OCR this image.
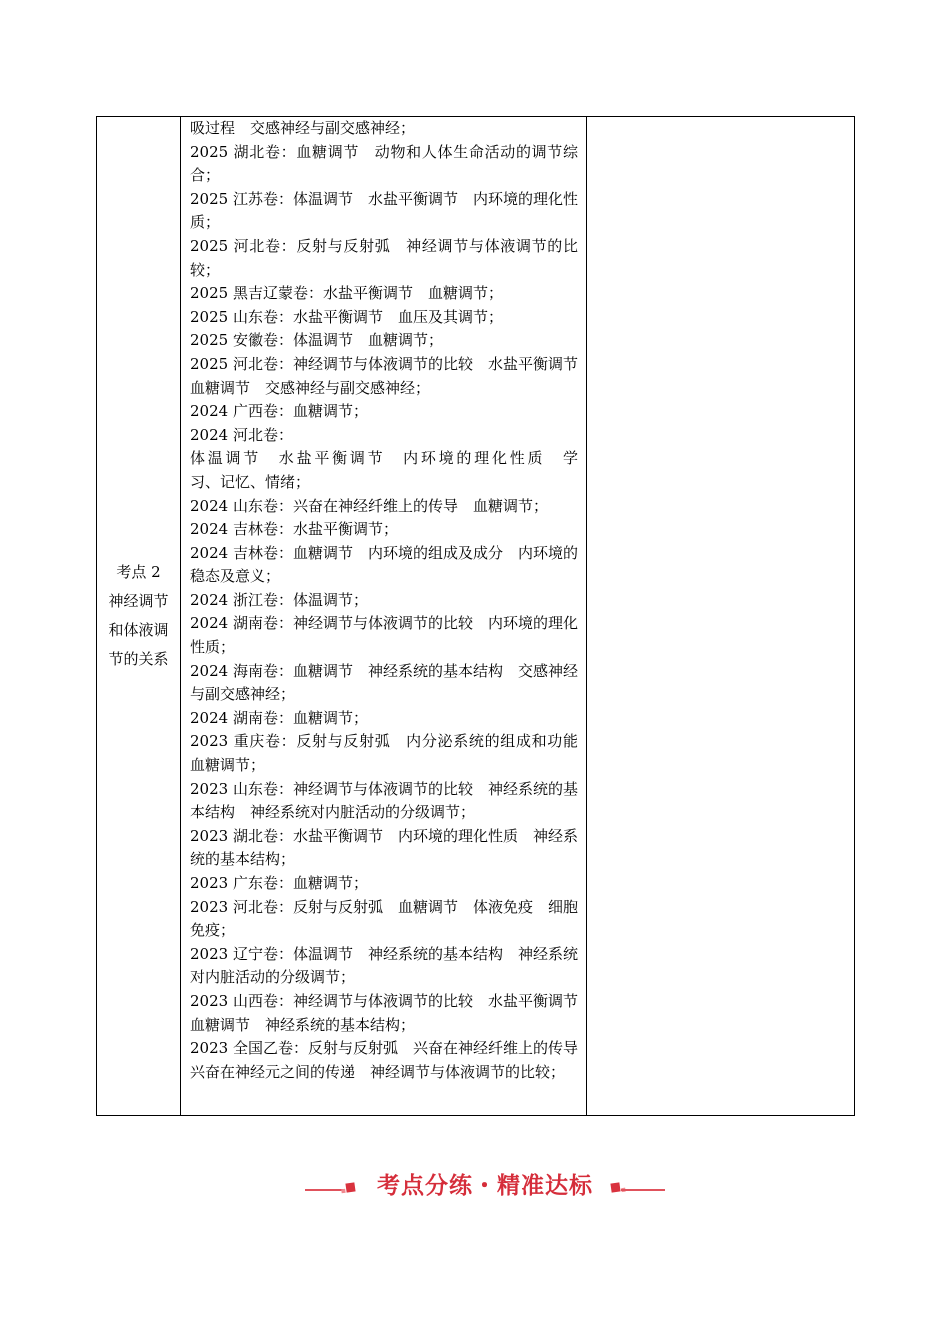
考点 2
神经调节
和体液调
节的关系

吸过程　交感神经与副交感神经；
2025 湖北卷：血糖调节　动物和人体生命活动的调节综合；
2025 江苏卷：体温调节　水盐平衡调节　内环境的理化性质；
2025 河北卷：反射与反射弧　神经调节与体液调节的比较；
2025 黑吉辽蒙卷：水盐平衡调节　血糖调节；
2025 山东卷：水盐平衡调节　血压及其调节；
2025 安徽卷：体温调节　血糖调节；
2025 河北卷：神经调节与体液调节的比较　水盐平衡调节　血糖调节　交感神经与副交感神经；
2024 广西卷：血糖调节；
2024 河北卷：
体温调节　水盐平衡调节　内环境的理化性质　学　　习、记忆、情绪；
2024 山东卷：兴奋在神经纤维上的传导　血糖调节；
2024 吉林卷：水盐平衡调节；
2024 吉林卷：血糖调节　内环境的组成及成分　内环境的稳态及意义；
2024 浙江卷：体温调节；
2024 湖南卷：神经调节与体液调节的比较　内环境的理化性质；
2024 海南卷：血糖调节　神经系统的基本结构　交感神经与副交感神经；
2024 湖南卷：血糖调节；
2023 重庆卷：反射与反射弧　内分泌系统的组成和功能　血糖调节；
2023 山东卷：神经调节与体液调节的比较　神经系统的基本结构　神经系统对内脏活动的分级调节；
2023 湖北卷：水盐平衡调节　内环境的理化性质　神经系统的基本结构；
2023 广东卷：血糖调节；
2023 河北卷：反射与反射弧　血糖调节　体液免疫　细胞免疫；
2023 辽宁卷：体温调节　神经系统的基本结构　神经系统对内脏活动的分级调节；
2023 山西卷：神经调节与体液调节的比较　水盐平衡调节　血糖调节　神经系统的基本结构；
2023 全国乙卷：反射与反射弧　兴奋在神经纤维上的传导　兴奋在神经元之间的传递　神经调节与体液调节的比较；

考点分练・精准达标
